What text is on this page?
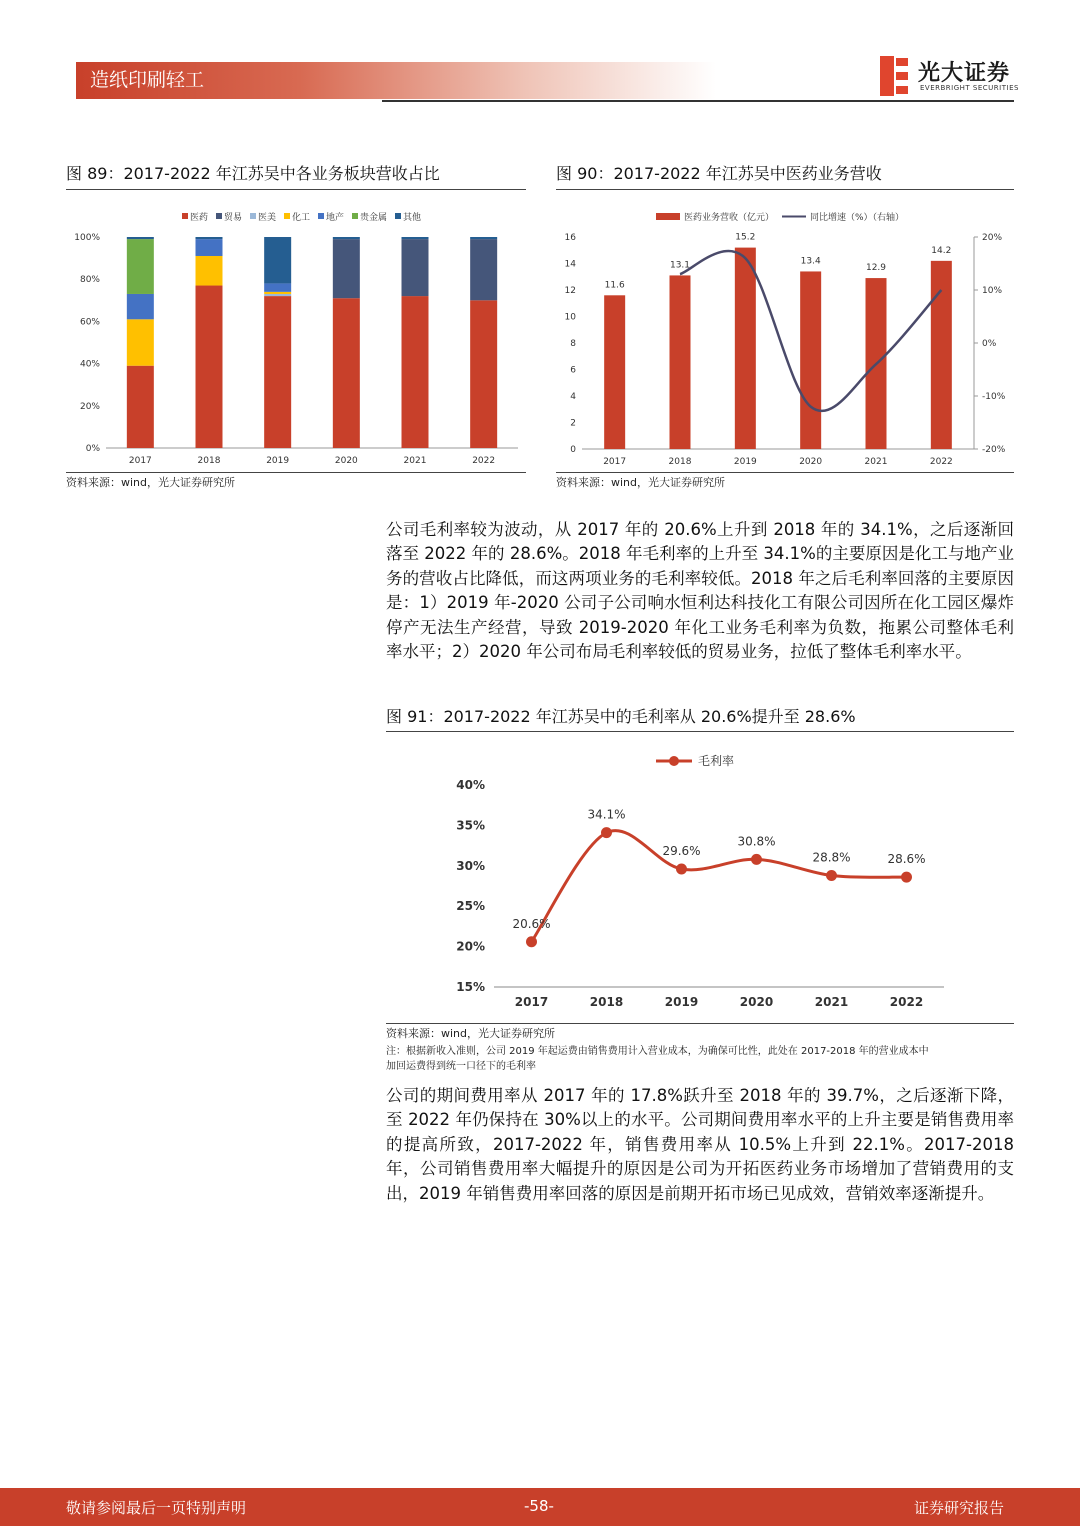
造纸印刷轻工	光大证券
EVERBRIGHT SECURITIES
图 89：2017-2022 年江苏吴中各业务板块营收占比
医药 贸易 医美 化工 地产 贵金属 其他
0%
20%
40%
60%
80%
100%
2017	2018	2019	2020	2021	2022
资料来源：wind，光大证券研究所
图 90：2017-2022 年江苏吴中医药业务营收
医药业务营收（亿元）	同比增速（%）（右轴）
0
2
4
6
8
10
12
14
16
-20%
-10%
0%
10%
20%
11.6
2017
13.1
2018
15.2
2019
13.4
2020
12.9
2021
14.2
2022
资料来源：wind，光大证券研究所
公司毛利率较为波动，从 2017 年的 20.6%上升到 2018 年的 34.1%，之后逐渐回落至 2022 年的 28.6%。2018 年毛利率的上升至 34.1%的主要原因是化工与地产业务的营收占比降低，而这两项业务的毛利率较低。2018 年之后毛利率回落的主要原因是：1）2019 年-2020 公司子公司响水恒利达科技化工有限公司因所在化工园区爆炸停产无法生产经营，导致 2019-2020 年化工业务毛利率为负数，拖累公司整体毛利率水平；2）2020 年公司布局毛利率较低的贸易业务，拉低了整体毛利率水平。
图 91：2017-2022 年江苏吴中的毛利率从 20.6%提升至 28.6%
毛利率
15%
20%
25%
30%
35%
40%
2017	2018	2019	2020	2021	2022
20.6%
34.1%
29.6%
30.8%
28.8%	28.6%
资料来源：wind，光大证券研究所
注：根据新收入准则，公司 2019 年起运费由销售费用计入营业成本，为确保可比性，此处在 2017-2018 年的营业成本中
加回运费得到统一口径下的毛利率
公司的期间费用率从 2017 年的 17.8%跃升至 2018 年的 39.7%，之后逐渐下降，至 2022 年仍保持在 30%以上的水平。公司期间费用率水平的上升主要是销售费用率的提高所致，2017-2022 年，销售费用率从 10.5%上升到 22.1%。2017-2018 年，公司销售费用率大幅提升的原因是公司为开拓医药业务市场增加了营销费用的支出，2019 年销售费用率回落的原因是前期开拓市场已见成效，营销效率逐渐提升。
敬请参阅最后一页特别声明	-58-	证券研究报告
